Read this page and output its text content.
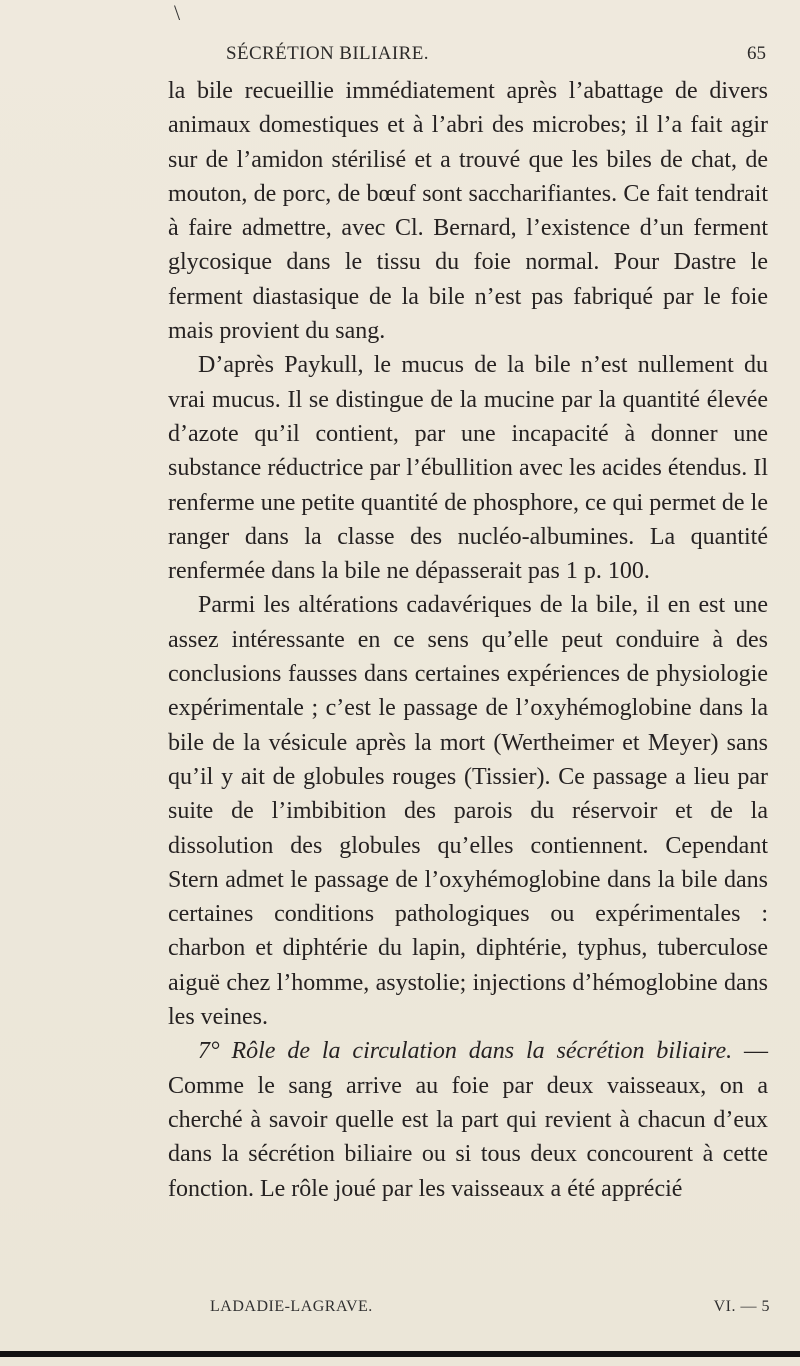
\
SÉCRÉTION BILIAIRE.	65

la bile recueillie immédiatement après l’abattage de divers animaux domestiques et à l’abri des microbes; il l’a fait agir sur de l’amidon stérilisé et a trouvé que les biles de chat, de mouton, de porc, de bœuf sont saccharifiantes. Ce fait tendrait à faire admettre, avec Cl. Bernard, l’existence d’un ferment glycosique dans le tissu du foie normal. Pour Dastre le ferment diastasique de la bile n’est pas fabriqué par le foie mais provient du sang.

D’après Paykull, le mucus de la bile n’est nullement du vrai mucus. Il se distingue de la mucine par la quantité élevée d’azote qu’il contient, par une incapacité à donner une substance réductrice par l’ébullition avec les acides étendus. Il renferme une petite quantité de phosphore, ce qui permet de le ranger dans la classe des nucléo-albumines. La quantité renfermée dans la bile ne dépasserait pas 1 p. 100.

Parmi les altérations cadavériques de la bile, il en est une assez intéressante en ce sens qu’elle peut conduire à des conclusions fausses dans certaines expériences de physiologie expérimentale ; c’est le passage de l’oxyhémoglobine dans la bile de la vésicule après la mort (Wertheimer et Meyer) sans qu’il y ait de globules rouges (Tissier). Ce passage a lieu par suite de l’imbibition des parois du réservoir et de la dissolution des globules qu’elles contiennent. Cependant Stern admet le passage de l’oxyhémoglobine dans la bile dans certaines conditions pathologiques ou expérimentales : charbon et diphtérie du lapin, diphtérie, typhus, tuberculose aiguë chez l’homme, asystolie; injections d’hémoglobine dans les veines.

7° Rôle de la circulation dans la sécrétion biliaire. — Comme le sang arrive au foie par deux vaisseaux, on a cherché à savoir quelle est la part qui revient à chacun d’eux dans la sécrétion biliaire ou si tous deux concourent à cette fonction. Le rôle joué par les vaisseaux a été apprécié

LADADIE-LAGRAVE.	VI. — 5
